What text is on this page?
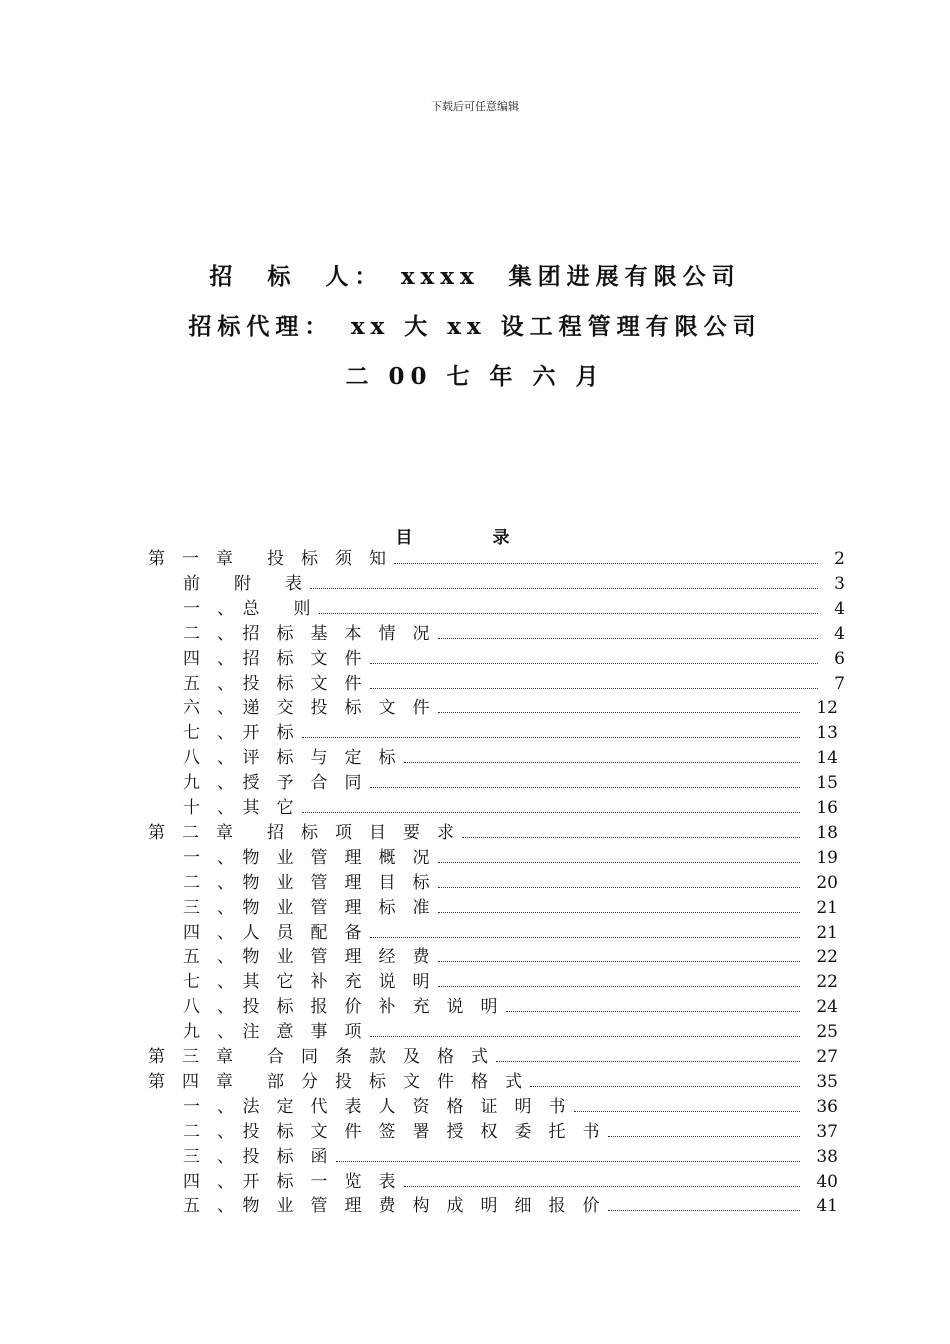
下载后可任意编辑
招　标　人：　xxxx　集团进展有限公司
招标代理：　xx 大 xx 设工程管理有限公司
二 00 七 年 六 月
目录
第　一　章　　投　标　须　知	2
前　　附　　表	3
一　、　总　　则	4
二　、　招　标　基　本　情　况	4
四　、　招　标　文　件	6
五　、　投　标　文　件	7
六　、　递　交　投　标　文　件	12
七　、　开　标	13
八　、　评　标　与　定　标	14
九　、　授　予　合　同	15
十　、　其　它	16
第　二　章　　招　标　项　目　要　求	18
一　、　物　业　管　理　概　况	19
二　、　物　业　管　理　目　标	20
三　、　物　业　管　理　标　准	21
四　、　人　员　配　备	21
五　、　物　业　管　理　经　费	22
七　、　其　它　补　充　说　明	22
八　、　投　标　报　价　补　充　说　明	24
九　、　注　意　事　项	25
第　三　章　　合　同　条　款　及　格　式	27
第　四　章　　部　分　投　标　文　件　格　式	35
一　、　法　定　代　表　人　资　格　证　明　书	36
二　、　投　标　文　件　签　署　授　权　委　托　书	37
三　、　投　标　函	38
四　、　开　标　一　览　表	40
五　、　物　业　管　理　费　构　成　明　细　报　价	41
